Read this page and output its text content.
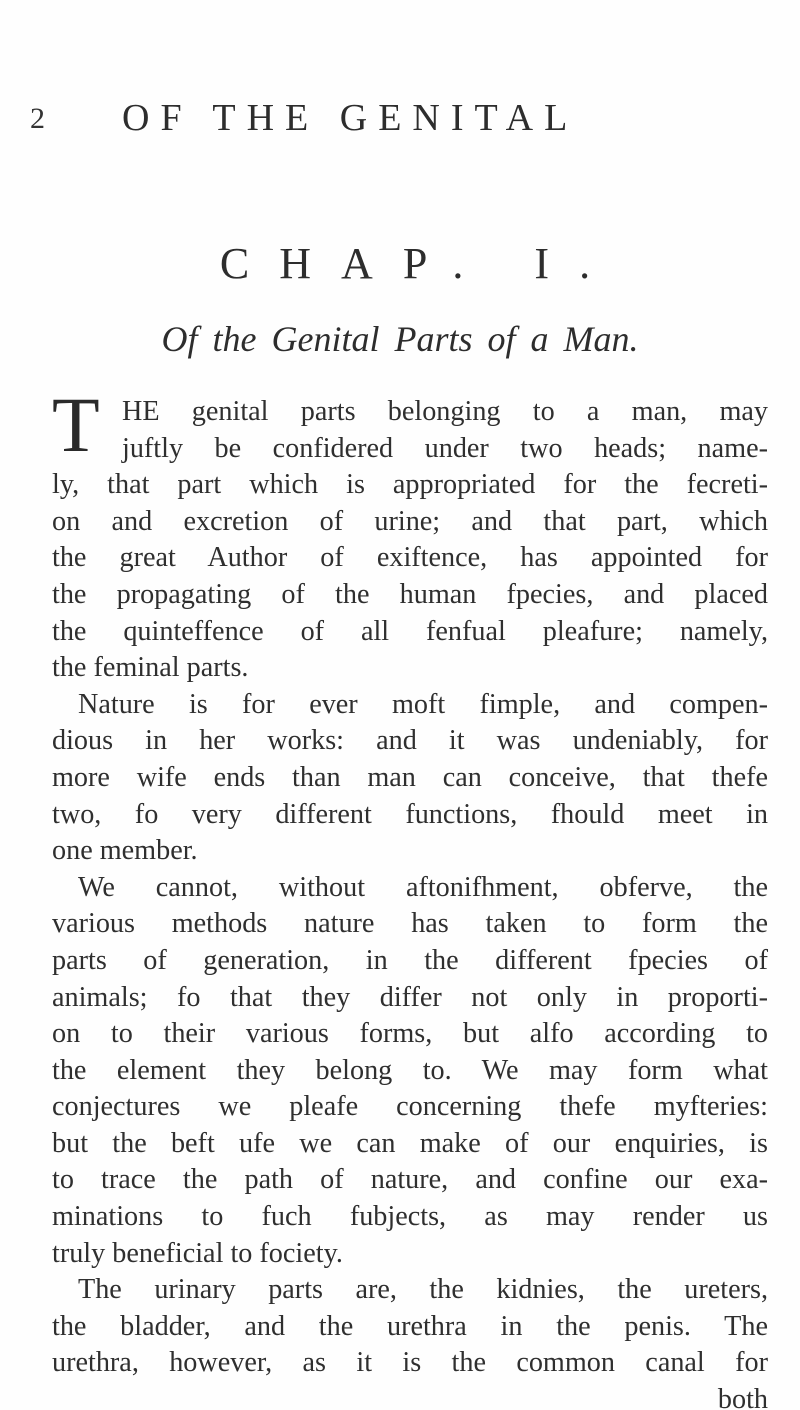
2 OF THE GENITAL
CHAP. I.
Of the Genital Parts of a Man.
T HE genital parts belonging to a man, may
juftly be confidered under two heads; name-
ly, that part which is appropriated for the fecreti-
on and excretion of urine; and that part, which
the great Author of exiftence, has appointed for
the propagating of the human fpecies, and placed
the quinteffence of all fenfual pleafure; namely,
the feminal parts.
Nature is for ever moft fimple, and compen-
dious in her works: and it was undeniably, for
more wife ends than man can conceive, that thefe
two, fo very different functions, fhould meet in
one member.
We cannot, without aftonifhment, obferve, the
various methods nature has taken to form the
parts of generation, in the different fpecies of
animals; fo that they differ not only in proporti-
on to their various forms, but alfo according to
the element they belong to. We may form what
conjectures we pleafe concerning thefe myfteries:
but the beft ufe we can make of our enquiries, is
to trace the path of nature, and confine our exa-
minations to fuch fubjects, as may render us
truly beneficial to fociety.
The urinary parts are, the kidnies, the ureters,
the bladder, and the urethra in the penis. The
urethra, however, as it is the common canal for
both
